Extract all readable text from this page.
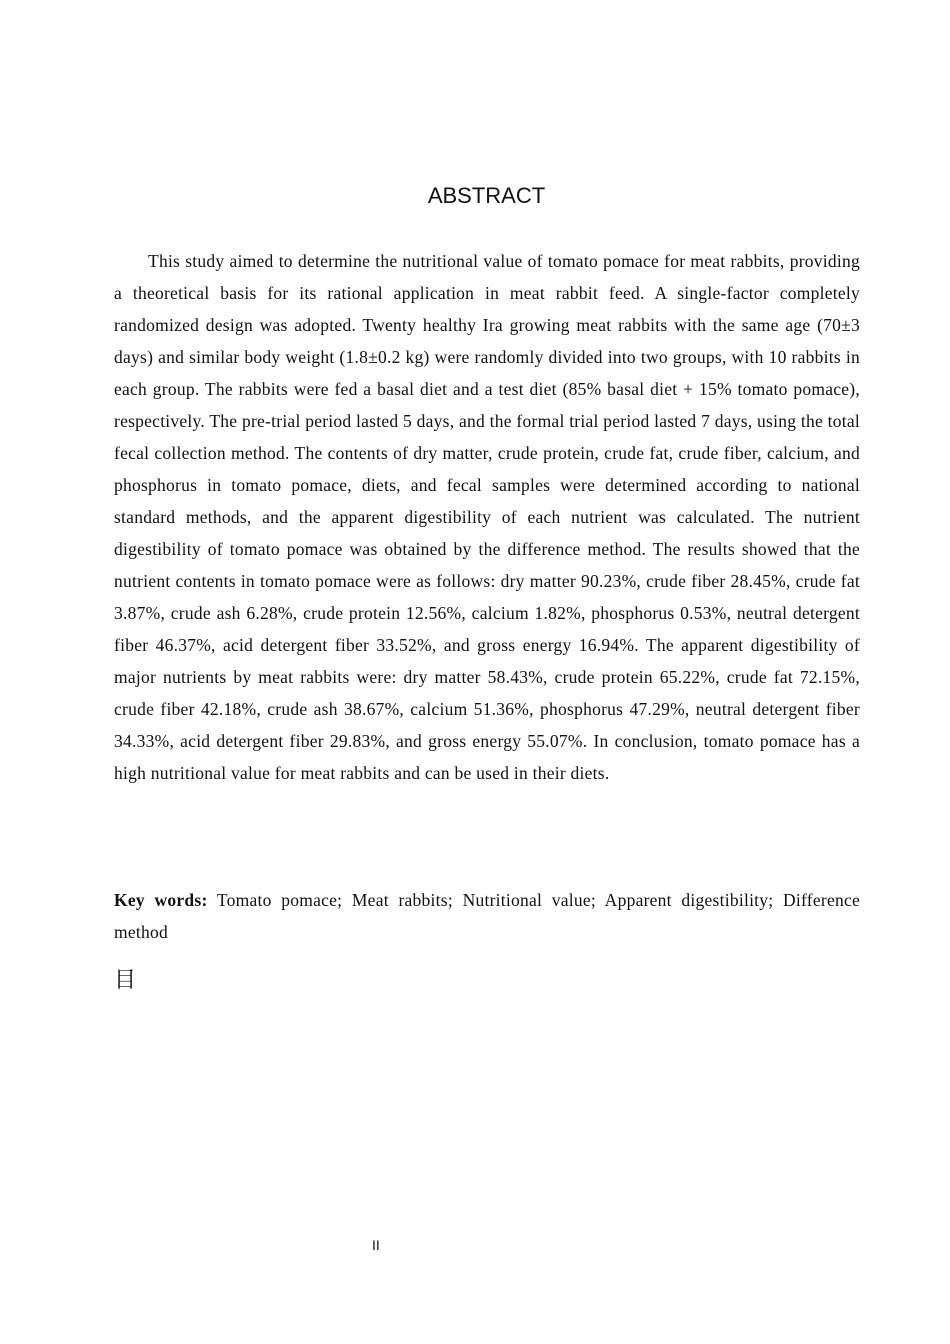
ABSTRACT

This study aimed to determine the nutritional value of tomato pomace for meat rabbits, providing a theoretical basis for its rational application in meat rabbit feed. A single-factor completely randomized design was adopted. Twenty healthy Ira growing meat rabbits with the same age (70±3 days) and similar body weight (1.8±0.2 kg) were randomly divided into two groups, with 10 rabbits in each group. The rabbits were fed a basal diet and a test diet (85% basal diet + 15% tomato pomace), respectively. The pre-trial period lasted 5 days, and the formal trial period lasted 7 days, using the total fecal collection method. The contents of dry matter, crude protein, crude fat, crude fiber, calcium, and phosphorus in tomato pomace, diets, and fecal samples were determined according to national standard methods, and the apparent digestibility of each nutrient was calculated. The nutrient digestibility of tomato pomace was obtained by the difference method. The results showed that the nutrient contents in tomato pomace were as follows: dry matter 90.23%, crude fiber 28.45%, crude fat 3.87%, crude ash 6.28%, crude protein 12.56%, calcium 1.82%, phosphorus 0.53%, neutral detergent fiber 46.37%, acid detergent fiber 33.52%, and gross energy 16.94%. The apparent digestibility of major nutrients by meat rabbits were: dry matter 58.43%, crude protein 65.22%, crude fat 72.15%, crude fiber 42.18%, crude ash 38.67%, calcium 51.36%, phosphorus 47.29%, neutral detergent fiber 34.33%, acid detergent fiber 29.83%, and gross energy 55.07%. In conclusion, tomato pomace has a high nutritional value for meat rabbits and can be used in their diets.

Key words: Tomato pomace; Meat rabbits; Nutritional value; Apparent digestibility; Difference method

目
II
